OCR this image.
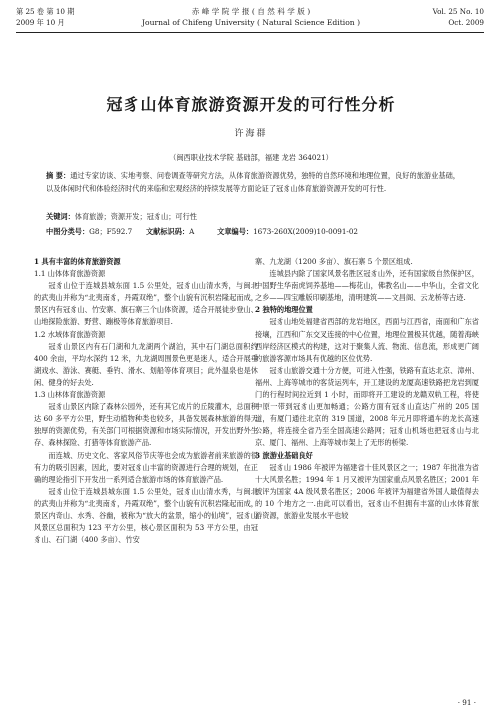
第 25 卷 第 10 期
2009 年 10 月
赤 峰 学 院 学 报 ( 自 然 科 学 版 )
Journal of Chifeng University ( Natural Science Edition )
Vol. 25 No. 10
Oct. 2009
冠豸山体育旅游资源开发的可行性分析
许海群
（闽西职业技术学院 基础部，福建 龙岩 364021）
摘 要：通过专家访谈、实地考察、问卷调查等研究方法，从体育旅游资源优势，独特的自然环境和地理位置，良好的旅游业基础，以及体闲时代和体验经济时代的来临和宏观经济的持续发展等方面论证了冠豸山体育旅游资源开发的可行性.
关键词：体育旅游；资源开发；冠豸山；可行性
中图分类号：G8；F592.7 文献标识码：A	文章编号：1673-260X(2009)10-0091-02
1 具有丰富的体育旅游资源
1.1 山体体育旅游资源

冠豸山位于连城县城东面 1.5 公里处，冠豸山山清水秀，与闽北的武夷山并称为“北夷南豸，丹霞双绝”，整个山貌有沉积岩隆起而成，景区内有冠豸山、竹安寨、旗石寨三个山体资源，适合开展徒步登山、山地探险旅游、野营、蹦极等体育旅游项目.

1.2 水域体育旅游资源

冠豸山景区内有石门湖和九龙湖两个湖泊，其中石门湖总面积约 400 余亩，平均水深约 12 米，九龙湖周围景色更是迷人，适合开展垂湖戏水、游泳、赛艇、垂钓、滑水、划船等体育项目；此外温泉也是休闲、健身的好去处.

1.3 山林体育旅游资源

冠豸山景区内除了森林公园外，还有其它成片的丘陵灌木，总面积达 60 多平方公里，野生动植物种类也较多，具备发展森林旅游的得天独厚的资源优势，有关部门可根据资源和市场实际情况，开发出野外生存、森林探险、打猎等体育旅游产品.

而连城、历史文化、客家风俗节庆等也会成为旅游者前来旅游的很有力的吸引因素，因此，要对冠豸山丰富的资源进行合理的规划，在正确的理论指引下开发出一系列适合旅游市场的体育旅游产品.

冠豸山位于连城县城东面 1.5 公里处，冠豸山山清水秀，与闽北的武夷山并称为“北夷南豸，丹霞双绝”，整个山貌有沉积岩隆起而成，景区内奇山、水秀、谷幽，被称为“放大的盆景，缩小的仙境”，冠豸山风景区总面积为 123 平方公里，核心景区面积为 53 平方公里，由冠豸山、石门湖（400 多亩）、竹安

寨、九龙湖（1200 多亩）、旗石寨 5 个景区组成.

连城县内除了国家风景名胜区冠豸山外，还有国家级自然保护区，中国野生华南虎饲养基地——梅花山，佛教名山——中华山，全省文化之乡——四宝雕版印刷基地，清明建筑——文昌阁、云龙桥等古迹.

2 独特的地理位置

冠豸山地处福建省西部的龙岩地区，西面与江西省，南面和广东省接壤，江西和广东交叉连接的中心位置，地理位置极其优越，随着海峡西岸经济区模式的构建，这对于聚集人流、物流、信息流，形成更广阔的旅游客源市场具有优越的区位优势.

冠豸山旅游交通十分方便，可进入性强，铁路有直达北京、漳州、福州、上海等城市的客货运列车，开工建设的龙厦高速铁路把龙岩到厦门的行程时间拉近到 1 小时，而即将开工建设的龙赣双轨工程，将使中原一带到冠豸山更加畅通；公路方面有冠豸山直达广州的 205 国道，有厦门通往北京的 319 国道，2008 年元月即将通车的龙长高速公路，将连接全省乃至全国高速公路网；冠豸山机场也把冠豸山与北京、厦门、福州、上海等城市架上了无形的桥梁.

3 旅游业基础良好

冠豸山 1986 年被评为福建省十佳风景区之一；1987 年批准为省十大风景名胜；1994 年 1 月又被评为国家重点风景名胜区；2001 年被评为国家 4A 级风景名胜区；2006 年被评为福建省外国人最值得去的 10 个地方之一.由此可以看出，冠豸山不但拥有丰富的山水体育旅游资源，旅游业发展水平也较

· 91 ·
